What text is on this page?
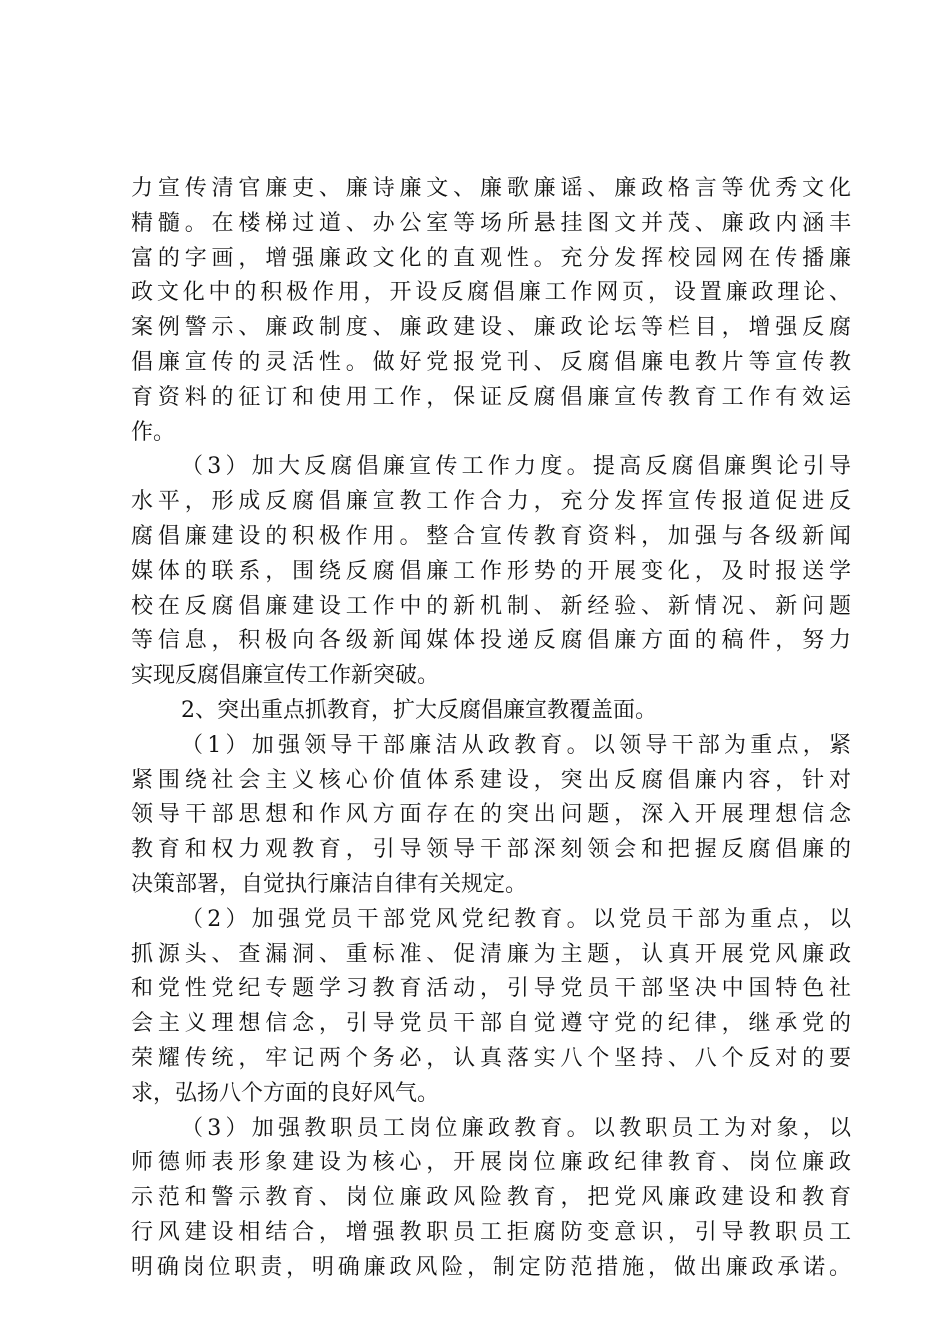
力宣传清官廉吏、廉诗廉文、廉歌廉谣、廉政格言等优秀文化
精髓。在楼梯过道、办公室等场所悬挂图文并茂、廉政内涵丰
富的字画，增强廉政文化的直观性。充分发挥校园网在传播廉
政文化中的积极作用，开设反腐倡廉工作网页，设置廉政理论、
案例警示、廉政制度、廉政建设、廉政论坛等栏目，增强反腐
倡廉宣传的灵活性。做好党报党刊、反腐倡廉电教片等宣传教
育资料的征订和使用工作，保证反腐倡廉宣传教育工作有效运
作。
（3）加大反腐倡廉宣传工作力度。提高反腐倡廉舆论引导
水平，形成反腐倡廉宣教工作合力，充分发挥宣传报道促进反
腐倡廉建设的积极作用。整合宣传教育资料，加强与各级新闻
媒体的联系，围绕反腐倡廉工作形势的开展变化，及时报送学
校在反腐倡廉建设工作中的新机制、新经验、新情况、新问题
等信息，积极向各级新闻媒体投递反腐倡廉方面的稿件，努力
实现反腐倡廉宣传工作新突破。
2、突出重点抓教育，扩大反腐倡廉宣教覆盖面。
（1）加强领导干部廉洁从政教育。以领导干部为重点，紧
紧围绕社会主义核心价值体系建设，突出反腐倡廉内容，针对
领导干部思想和作风方面存在的突出问题，深入开展理想信念
教育和权力观教育，引导领导干部深刻领会和把握反腐倡廉的
决策部署，自觉执行廉洁自律有关规定。
（2）加强党员干部党风党纪教育。以党员干部为重点，以
抓源头、查漏洞、重标准、促清廉为主题，认真开展党风廉政
和党性党纪专题学习教育活动，引导党员干部坚决中国特色社
会主义理想信念，引导党员干部自觉遵守党的纪律，继承党的
荣耀传统，牢记两个务必，认真落实八个坚持、八个反对的要
求，弘扬八个方面的良好风气。
（3）加强教职员工岗位廉政教育。以教职员工为对象，以
师德师表形象建设为核心，开展岗位廉政纪律教育、岗位廉政
示范和警示教育、岗位廉政风险教育，把党风廉政建设和教育
行风建设相结合，增强教职员工拒腐防变意识，引导教职员工
明确岗位职责，明确廉政风险，制定防范措施，做出廉政承诺。
